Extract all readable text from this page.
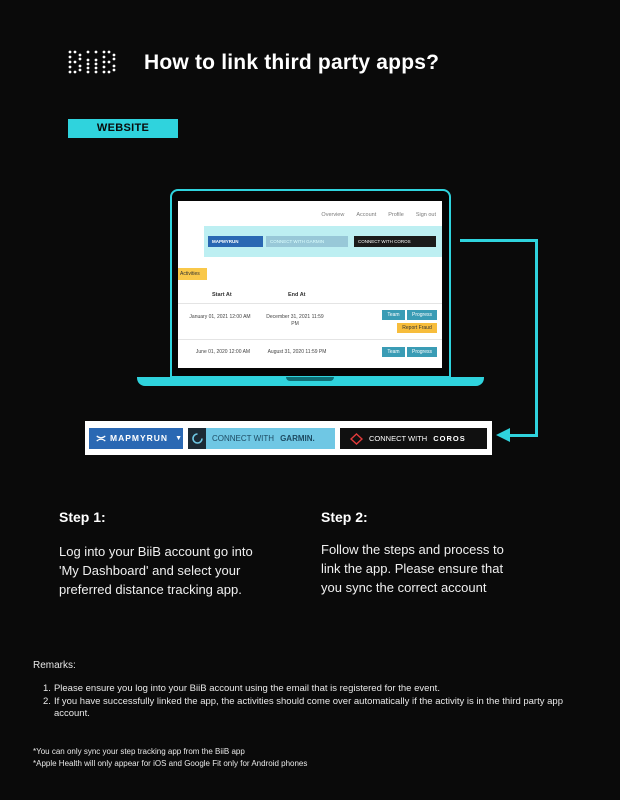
How to link third party apps?
WEBSITE
Overview Account Profile Sign out
MAPMYRUN	CONNECT WITH GARMIN	CONNECT WITH COROS
Activities
Start At	End At
January 01, 2021 12:00 AM	December 31, 2021 11:59 PM
Team	Progress
Report Fraud
June 01, 2020 12:00 AM	August 31, 2020 11:59 PM	Team	Progress
MAPMYRUN ▼	CONNECT WITH GARMIN.	CONNECT WITH COROS
Step 1:
Log into your BiiB account go into 'My Dashboard' and select your preferred distance tracking app.
Step 2:
Follow the steps and process to link the app. Please ensure that you sync the correct account
Remarks:
1. Please ensure you log into your BiiB account using the email that is registered for the event.
2. If you have successfully linked the app, the activities should come over automatically if the activity is in the third party app account.
*You can only sync your step tracking app from the BiiB app
*Apple Health will only appear for iOS and Google Fit only for Android phones
